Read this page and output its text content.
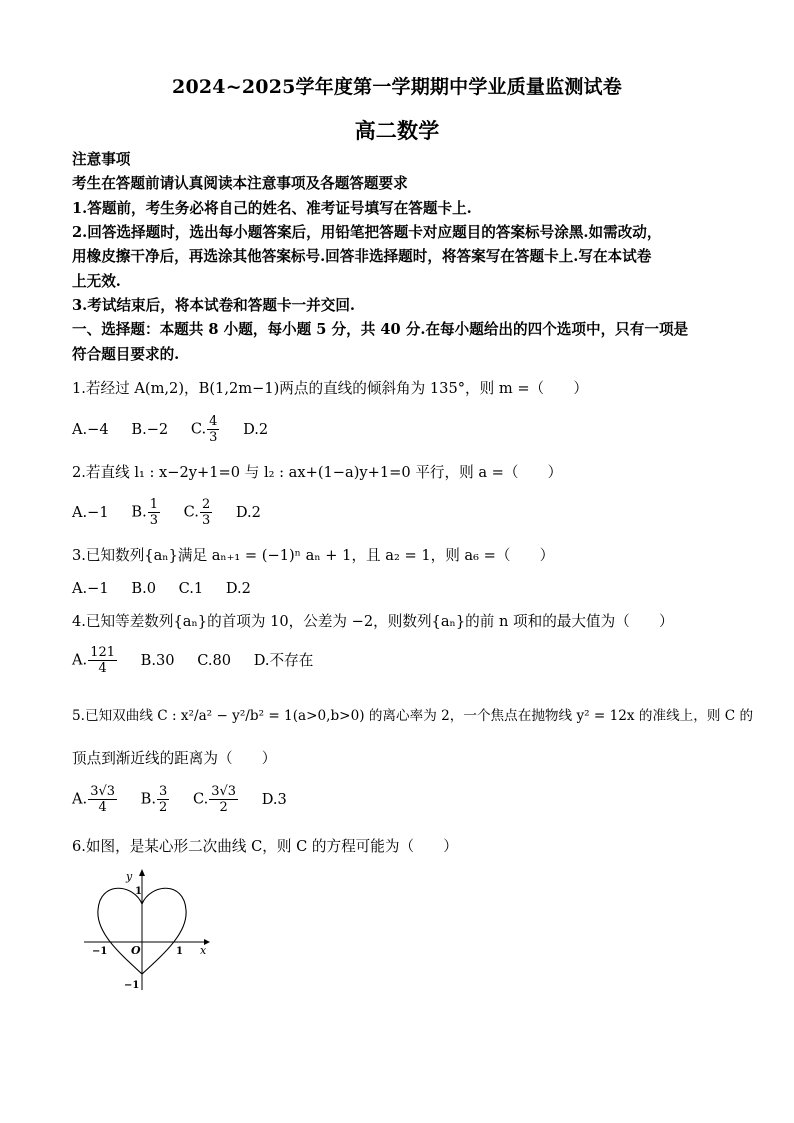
2024~2025学年度第一学期期中学业质量监测试卷
高二数学
注意事项
考生在答题前请认真阅读本注意事项及各题答题要求
1.答题前，考生务必将自己的姓名、准考证号填写在答题卡上.
2.回答选择题时，选出每小题答案后，用铅笔把答题卡对应题目的答案标号涂黑.如需改动，
用橡皮擦干净后，再选涂其他答案标号.回答非选择题时，将答案写在答题卡上.写在本试卷
上无效.
3.考试结束后，将本试卷和答题卡一并交回.
一、选择题：本题共 8 小题，每小题 5 分，共 40 分.在每小题给出的四个选项中，只有一项是
符合题目要求的.
1.若经过 A(m,2)，B(1,2m−1)两点的直线的倾斜角为 135°，则 m =（　　）
A.−4 B.−2 C. $\frac{4}{3} D.2$
2.若直线 l₁ : x−2y+1=0 与 l₂ : ax+(1−a)y+1=0 平行，则 a =（　　）
A.−1 B. $\frac{1}{3} C$. $\frac{2}{3} D.2$
3.已知数列{aₙ}满足 aₙ₊₁ = (−1)ⁿ aₙ + 1，且 a₂ = 1，则 a₆ =（　　）
A.−1 B.0 C.1 D.2
4.已知等差数列{aₙ}的首项为 10，公差为 −2，则数列{aₙ}的前 n 项和的最大值为（　　）
A. $\frac{121}{4} B.30$ C.80 D.不存在
5.已知双曲线 C : x²/a² − y²/b² = 1(a>0,b>0) 的离心率为 2，一个焦点在抛物线 y² = 12x 的准线上，则 C 的
顶点到渐近线的距离为（　　）
A. $\frac{3√3}{4} B$. $\frac{3}{2} C$. $\frac{3√3}{2} D.3$
6.如图，是某心形二次曲线 C，则 C 的方程可能为（　　）
y
x
O
1
−1
−1	1
